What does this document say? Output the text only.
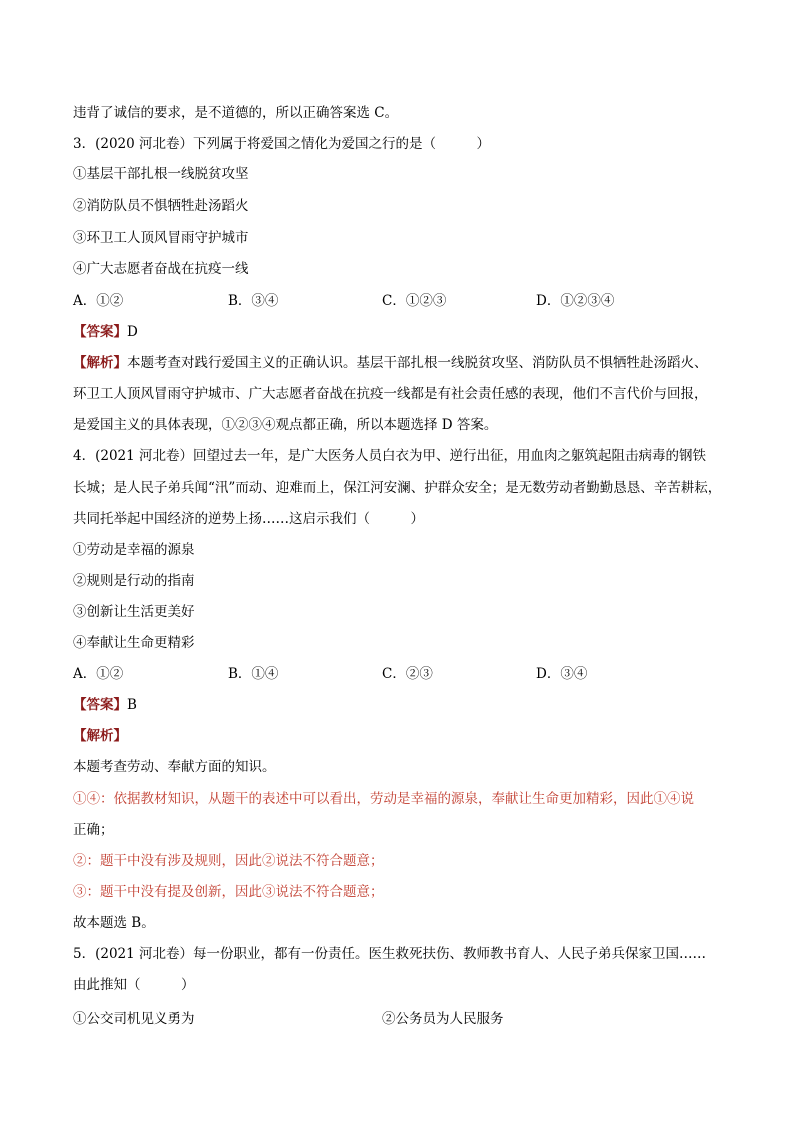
违背了诚信的要求，是不道德的，所以正确答案选 C。
3．(2020 河北卷）下列属于将爱国之情化为爱国之行的是（　　　）
①基层干部扎根一线脱贫攻坚
②消防队员不惧牺牲赴汤蹈火
③环卫工人顶风冒雨守护城市
④广大志愿者奋战在抗疫一线
A．①②	B．③④	C．①②③	D．①②③④
【答案】D
【解析】本题考查对践行爱国主义的正确认识。基层干部扎根一线脱贫攻坚、消防队员不惧牺牲赴汤蹈火、
环卫工人顶风冒雨守护城市、广大志愿者奋战在抗疫一线都是有社会责任感的表现，他们不言代价与回报，
是爱国主义的具体表现，①②③④观点都正确，所以本题选择 D 答案。
4．(2021 河北卷）回望过去一年，是广大医务人员白衣为甲、逆行出征，用血肉之躯筑起阻击病毒的钢铁
长城；是人民子弟兵闻“汛”而动、迎难而上，保江河安澜、护群众安全；是无数劳动者勤勤恳恳、辛苦耕耘，
共同托举起中国经济的逆势上扬……这启示我们（　　　）
①劳动是幸福的源泉
②规则是行动的指南
③创新让生活更美好
④奉献让生命更精彩
A．①②	B．①④	C．②③	D．③④
【答案】B
【解析】
本题考查劳动、奉献方面的知识。
①④：依据教材知识，从题干的表述中可以看出，劳动是幸福的源泉，奉献让生命更加精彩，因此①④说
正确；
②：题干中没有涉及规则，因此②说法不符合题意；
③：题干中没有提及创新，因此③说法不符合题意；
故本题选 B。
5．(2021 河北卷）每一份职业，都有一份责任。医生救死扶伤、教师教书育人、人民子弟兵保家卫国……
由此推知（　　　）
①公交司机见义勇为	②公务员为人民服务
